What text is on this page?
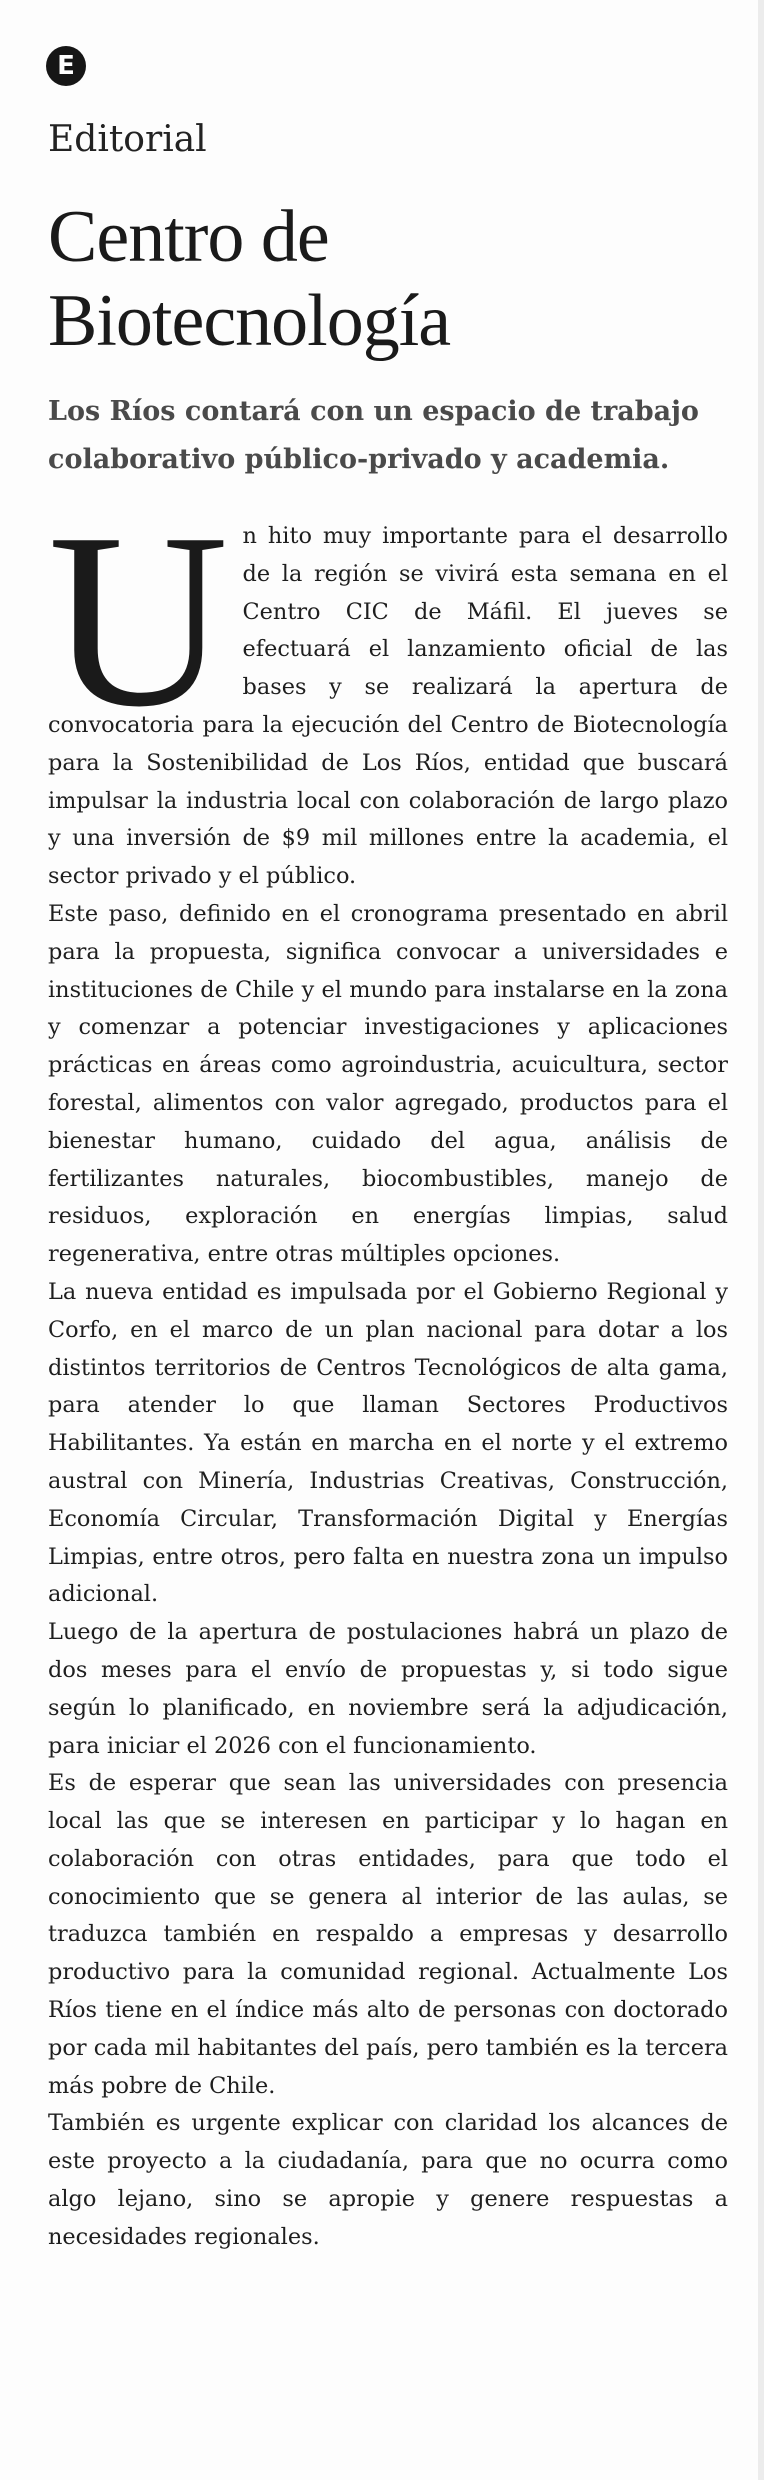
E
Editorial
Centro de Biotecnología

Los Ríos contará con un espacio de trabajo colaborativo público-privado y academia.

Un hito muy importante para el desarrollo de la región se vivirá esta semana en el Centro CIC de Máfil. El jueves se efectuará el lanzamiento oficial de las bases y se realizará la apertura de convocatoria para la ejecución del Centro de Biotecnología para la Sostenibilidad de Los Ríos, entidad que buscará impulsar la industria local con colaboración de largo plazo y una inversión de $9 mil millones entre la academia, el sector privado y el público.

Este paso, definido en el cronograma presentado en abril para la propuesta, significa convocar a universidades e instituciones de Chile y el mundo para instalarse en la zona y comenzar a potenciar investigaciones y aplicaciones prácticas en áreas como agroindustria, acuicultura, sector forestal, alimentos con valor agregado, productos para el bienestar humano, cuidado del agua, análisis de fertilizantes naturales, biocombustibles, manejo de residuos, exploración en energías limpias, salud regenerativa, entre otras múltiples opciones.

La nueva entidad es impulsada por el Gobierno Regional y Corfo, en el marco de un plan nacional para dotar a los distintos territorios de Centros Tecnológicos de alta gama, para atender lo que llaman Sectores Productivos Habilitantes. Ya están en marcha en el norte y el extremo austral con Minería, Industrias Creativas, Construcción, Economía Circular, Transformación Digital y Energías Limpias, entre otros, pero falta en nuestra zona un impulso adicional.

Luego de la apertura de postulaciones habrá un plazo de dos meses para el envío de propuestas y, si todo sigue según lo planificado, en noviembre será la adjudicación, para iniciar el 2026 con el funcionamiento.

Es de esperar que sean las universidades con presencia local las que se interesen en participar y lo hagan en colaboración con otras entidades, para que todo el conocimiento que se genera al interior de las aulas, se traduzca también en respaldo a empresas y desarrollo productivo para la comunidad regional. Actualmente Los Ríos tiene en el índice más alto de personas con doctorado por cada mil habitantes del país, pero también es la tercera más pobre de Chile.

También es urgente explicar con claridad los alcances de este proyecto a la ciudadanía, para que no ocurra como algo lejano, sino se apropie y genere respuestas a necesidades regionales.
